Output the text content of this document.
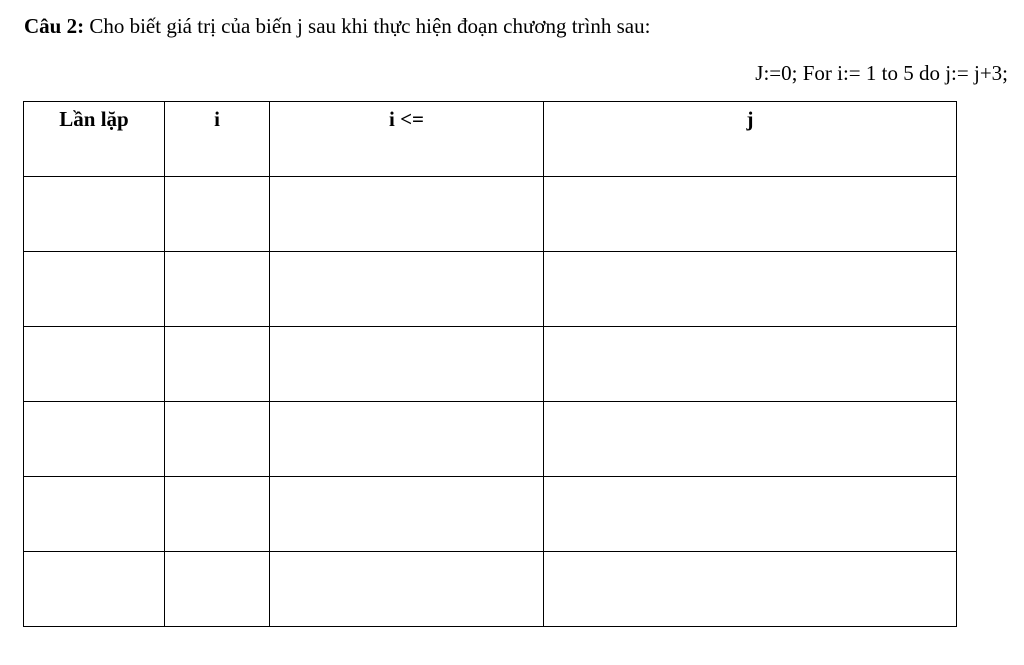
Câu 2: Cho biết giá trị của biến j sau khi thực hiện đoạn chương trình sau:
J:=0; For i:= 1 to 5 do j:= j+3;
Lần lặp	i	i <=	j
